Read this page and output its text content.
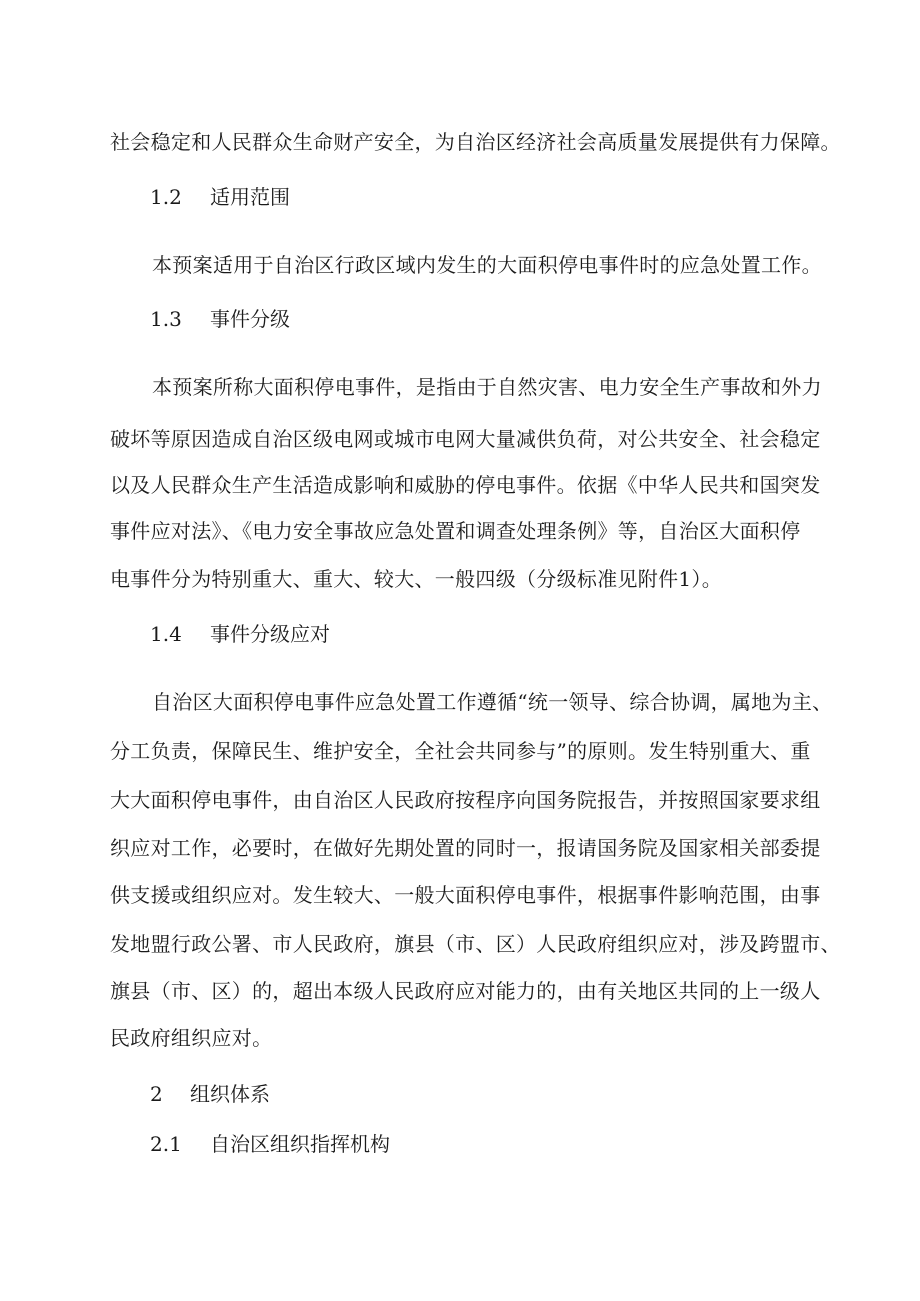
社会稳定和人民群众生命财产安全，为自治区经济社会高质量发展提供有力保障。
1.2 适用范围
本预案适用于自治区行政区域内发生的大面积停电事件时的应急处置工作。
1.3 事件分级
本预案所称大面积停电事件，是指由于自然灾害、电力安全生产事故和外力
破坏等原因造成自治区级电网或城市电网大量减供负荷，对公共安全、社会稳定
以及人民群众生产生活造成影响和威胁的停电事件。依据《中华人民共和国突发
事件应对法》、《电力安全事故应急处置和调查处理条例》等，自治区大面积停
电事件分为特别重大、重大、较大、一般四级（分级标准见附件1）。
1.4 事件分级应对
自治区大面积停电事件应急处置工作遵循“统一领导、综合协调，属地为主、
分工负责，保障民生、维护安全，全社会共同参与”的原则。发生特别重大、重
大大面积停电事件，由自治区人民政府按程序向国务院报告，并按照国家要求组
织应对工作，必要时，在做好先期处置的同时一，报请国务院及国家相关部委提
供支援或组织应对。发生较大、一般大面积停电事件，根据事件影响范围，由事
发地盟行政公署、市人民政府，旗县（市、区）人民政府组织应对，涉及跨盟市、
旗县（市、区）的，超出本级人民政府应对能力的，由有关地区共同的上一级人
民政府组织应对。
2 组织体系
2.1 自治区组织指挥机构
